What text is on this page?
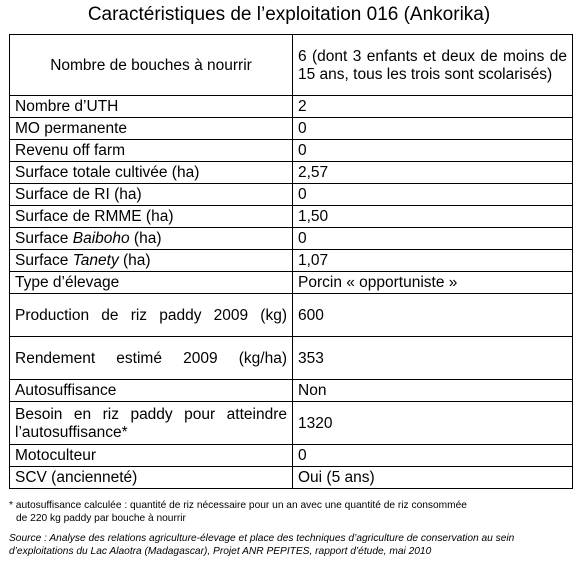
Caractéristiques de l’exploitation 016 (Ankorika)
Nombre de bouches à nourrir	6 (dont 3 enfants et deux de moins de 15 ans, tous les trois sont scolarisés)
Nombre d’UTH	2
MO permanente	0
Revenu off farm	0
Surface totale cultivée (ha)	2,57
Surface de RI (ha)	0
Surface de RMME (ha)	1,50
Surface Baiboho (ha)	0
Surface Tanety (ha)	1,07
Type d’élevage	Porcin « opportuniste »
Production de riz paddy 2009 (kg)	600
Rendement estimé 2009 (kg/ha)	353
Autosuffisance	Non
Besoin en riz paddy pour atteindre l’autosuffisance*	1320
Motoculteur	0
SCV (ancienneté)	Oui (5 ans)
* autosuffisance calculée : quantité de riz nécessaire pour un an avec une quantité de riz consommée
de 220 kg paddy par bouche à nourrir
Source : Analyse des relations agriculture-élevage et place des techniques d’agriculture de conservation au sein
d’exploitations du Lac Alaotra (Madagascar), Projet ANR PEPITES, rapport d’étude, mai 2010
